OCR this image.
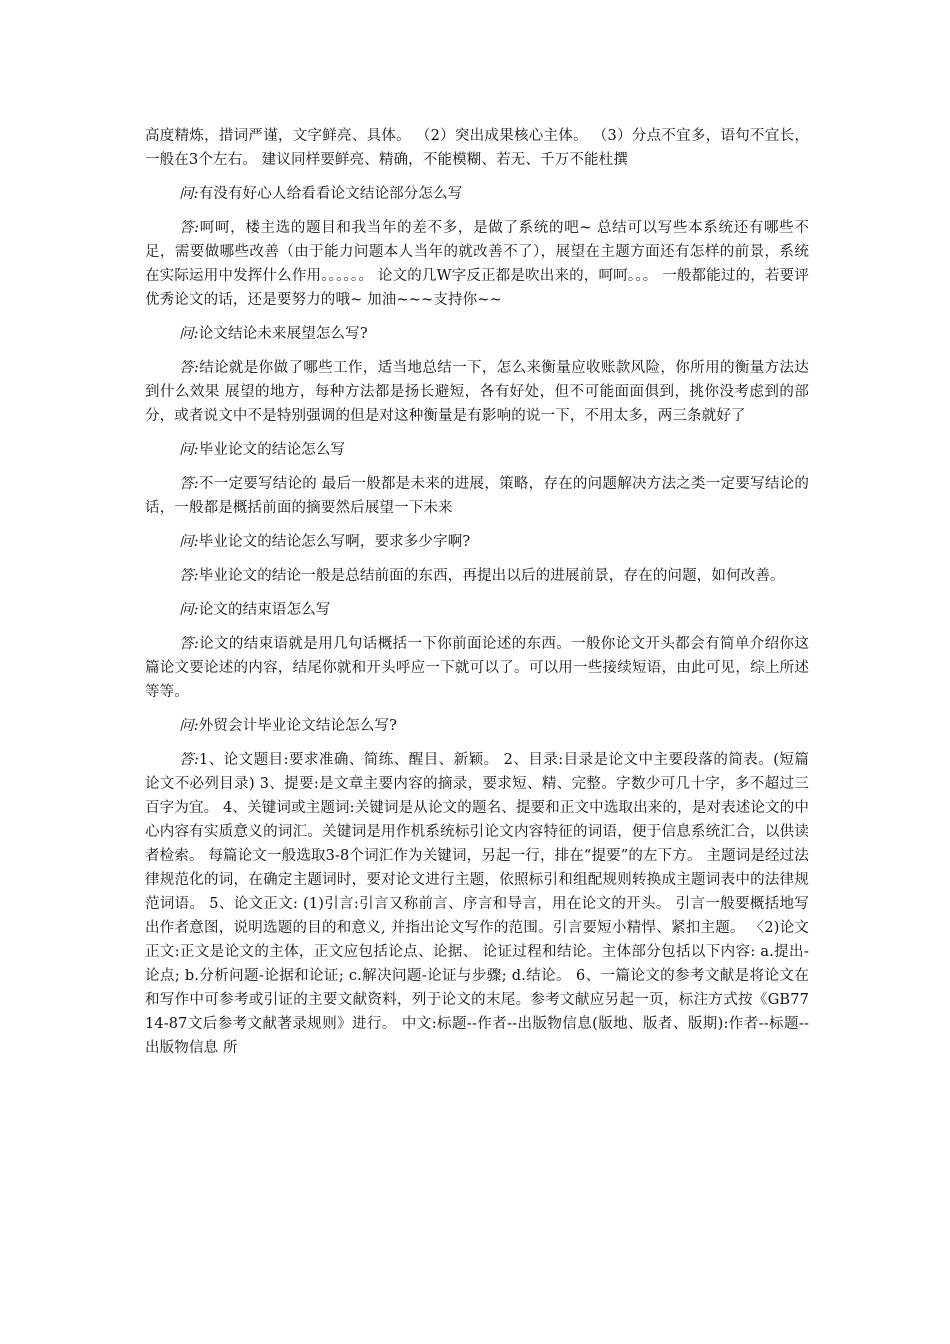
高度精炼，措词严谨，文字鲜亮、具体。 （2）突出成果核心主体。 （3）分点不宜多，语句不宜长，一般在3个左右。 建议同样要鲜亮、精确，不能模糊、若无、千万不能杜撰

问:有没有好心人给看看论文结论部分怎么写

答:呵呵，楼主选的题目和我当年的差不多，是做了系统的吧~ 总结可以写些本系统还有哪些不足，需要做哪些改善（由于能力问题本人当年的就改善不了），展望在主题方面还有怎样的前景，系统在实际运用中发挥什么作用。。。。。。 论文的几W字反正都是吹出来的，呵呵。。。 一般都能过的，若要评优秀论文的话，还是要努力的哦~ 加油~~~支持你~~

问:论文结论未来展望怎么写?

答:结论就是你做了哪些工作，适当地总结一下，怎么来衡量应收账款风险，你所用的衡量方法达到什么效果 展望的地方，每种方法都是扬长避短，各有好处，但不可能面面俱到，挑你没考虑到的部分，或者说文中不是特别强调的但是对这种衡量是有影响的说一下，不用太多，两三条就好了

问:毕业论文的结论怎么写

答:不一定要写结论的 最后一般都是未来的进展，策略，存在的问题解决方法之类一定要写结论的话，一般都是概括前面的摘要然后展望一下未来

问:毕业论文的结论怎么写啊，要求多少字啊?

答:毕业论文的结论一般是总结前面的东西，再提出以后的进展前景，存在的问题，如何改善。

问:论文的结束语怎么写

答:论文的结束语就是用几句话概括一下你前面论述的东西。一般你论文开头都会有简单介绍你这篇论文要论述的内容，结尾你就和开头呼应一下就可以了。可以用一些接续短语，由此可见，综上所述等等。

问:外贸会计毕业论文结论怎么写?

答:1、论文题目:要求准确、简练、醒目、新颖。 2、目录:目录是论文中主要段落的简表。(短篇论文不必列目录) 3、提要:是文章主要内容的摘录，要求短、精、完整。字数少可几十字，多不超过三百字为宜。 4、关键词或主题词:关键词是从论文的题名、提要和正文中选取出来的，是对表述论文的中心内容有实质意义的词汇。关键词是用作机系统标引论文内容特征的词语，便于信息系统汇合，以供读者检索。 每篇论文一般选取3-8个词汇作为关键词，另起一行，排在“提要”的左下方。 主题词是经过法律规范化的词，在确定主题词时，要对论文进行主题，依照标引和组配规则转换成主题词表中的法律规范词语。 5、论文正文: (1)引言:引言又称前言、序言和导言，用在论文的开头。 引言一般要概括地写出作者意图，说明选题的目的和意义, 并指出论文写作的范围。引言要短小精悍、紧扣主题。 〈2)论文正文:正文是论文的主体，正文应包括论点、论据、 论证过程和结论。主体部分包括以下内容: a.提出-论点; b.分析问题-论据和论证; c.解决问题-论证与步骤; d.结论。 6、一篇论文的参考文献是将论文在和写作中可参考或引证的主要文献资料，列于论文的末尾。参考文献应另起一页，标注方式按《GB7714-87文后参考文献著录规则》进行。 中文:标题--作者--出版物信息(版地、版者、版期):作者--标题--出版物信息 所
